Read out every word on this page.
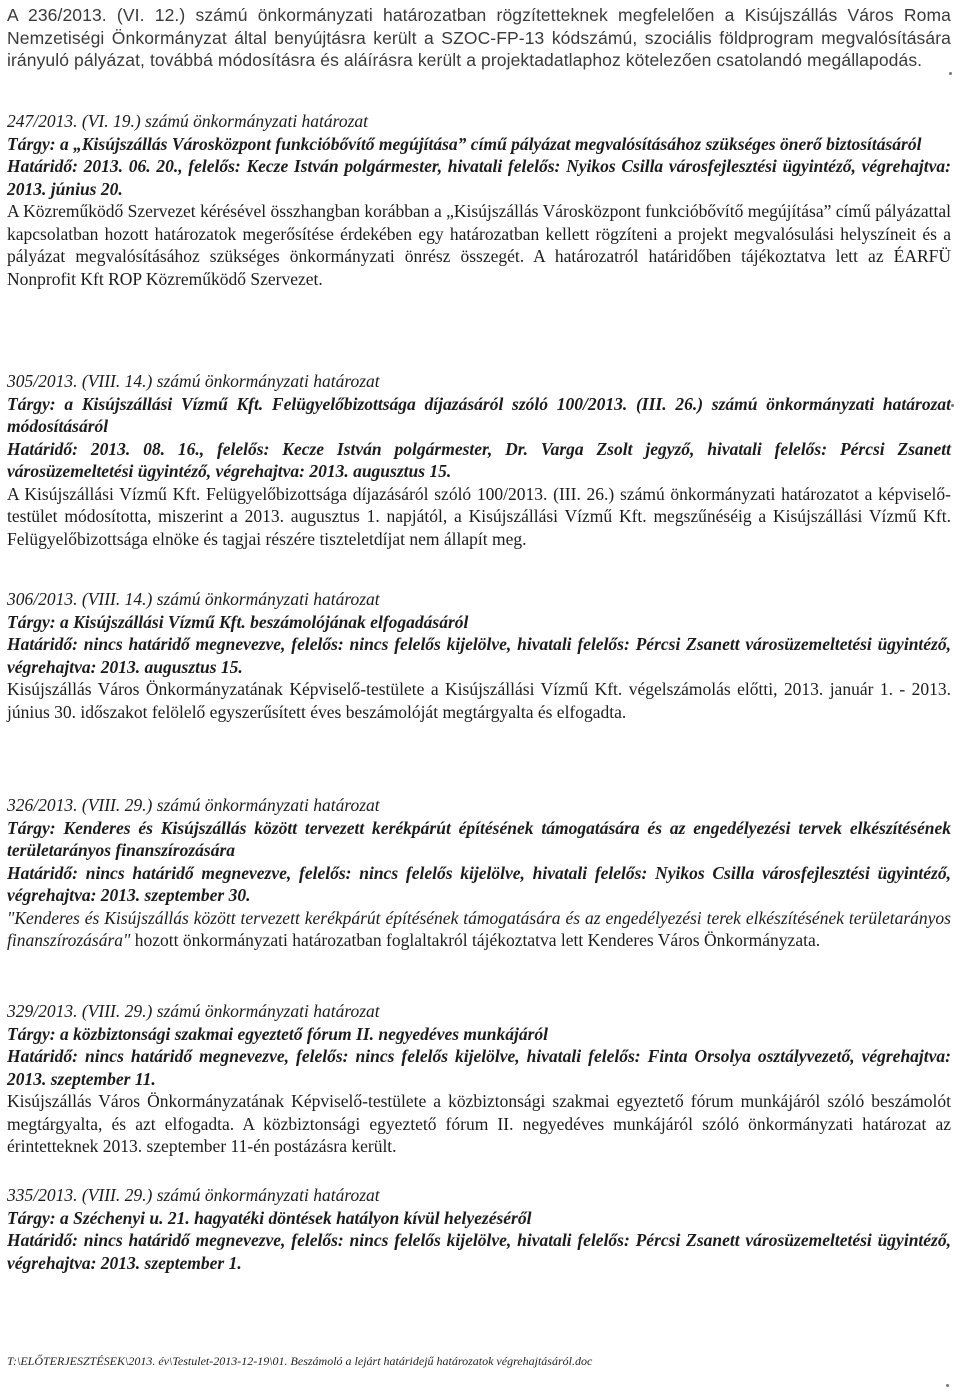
A 236/2013. (VI. 12.) számú önkormányzati határozatban rögzítetteknek megfelelően a Kisújszállás Város Roma Nemzetiségi Önkormányzat által benyújtásra került a SZOC-FP-13 kódszámú, szociális földprogram megvalósítására irányuló pályázat, továbbá módosításra és aláírásra került a projektadatlaphoz kötelezően csatolandó megállapodás.
247/2013. (VI. 19.) számú önkormányzati határozat
Tárgy: a „Kisújszállás Városközpont funkcióbővítő megújítása” című pályázat megvalósításához szükséges önerő biztosításáról
Határidő: 2013. 06. 20., felelős: Kecze István polgármester, hivatali felelős: Nyikos Csilla városfejlesztési ügyintéző, végrehajtva: 2013. június 20.
A Közreműködő Szervezet kérésével összhangban korábban a „Kisújszállás Városközpont funkcióbővítő megújítása” című pályázattal kapcsolatban hozott határozatok megerősítése érdekében egy határozatban kellett rögzíteni a projekt megvalósulási helyszíneit és a pályázat megvalósításához szükséges önkormányzati önrész összegét. A határozatról határidőben tájékoztatva lett az ÉARFÜ Nonprofit Kft ROP Közreműködő Szervezet.
305/2013. (VIII. 14.) számú önkormányzati határozat
Tárgy: a Kisújszállási Vízmű Kft. Felügyelőbizottsága díjazásáról szóló 100/2013. (III. 26.) számú önkormányzati határozat módosításáról
Határidő: 2013. 08. 16., felelős: Kecze István polgármester, Dr. Varga Zsolt jegyző, hivatali felelős: Pércsi Zsanett városüzemeltetési ügyintéző, végrehajtva: 2013. augusztus 15.
A Kisújszállási Vízmű Kft. Felügyelőbizottsága díjazásáról szóló 100/2013. (III. 26.) számú önkormányzati határozatot a képviselő-testület módosította, miszerint a 2013. augusztus 1. napjától, a Kisújszállási Vízmű Kft. megszűnéséig a Kisújszállási Vízmű Kft. Felügyelőbizottsága elnöke és tagjai részére tiszteletdíjat nem állapít meg.
306/2013. (VIII. 14.) számú önkormányzati határozat
Tárgy: a Kisújszállási Vízmű Kft. beszámolójának elfogadásáról
Határidő: nincs határidő megnevezve, felelős: nincs felelős kijelölve, hivatali felelős: Pércsi Zsanett városüzemeltetési ügyintéző, végrehajtva: 2013. augusztus 15.
Kisújszállás Város Önkormányzatának Képviselő-testülete a Kisújszállási Vízmű Kft. végelszámolás előtti, 2013. január 1. - 2013. június 30. időszakot felölelő egyszerűsített éves beszámolóját megtárgyalta és elfogadta.
326/2013. (VIII. 29.) számú önkormányzati határozat
Tárgy: Kenderes és Kisújszállás között tervezett kerékpárút építésének támogatására és az engedélyezési tervek elkészítésének területarányos finanszírozására
Határidő: nincs határidő megnevezve, felelős: nincs felelős kijelölve, hivatali felelős: Nyikos Csilla városfejlesztési ügyintéző, végrehajtva: 2013. szeptember 30.
"Kenderes és Kisújszállás között tervezett kerékpárút építésének támogatására és az engedélyezési terek elkészítésének területarányos finanszírozására" hozott önkormányzati határozatban foglaltakról tájékoztatva lett Kenderes Város Önkormányzata.
329/2013. (VIII. 29.) számú önkormányzati határozat
Tárgy: a közbiztonsági szakmai egyeztető fórum II. negyedéves munkájáról
Határidő: nincs határidő megnevezve, felelős: nincs felelős kijelölve, hivatali felelős: Finta Orsolya osztályvezető, végrehajtva: 2013. szeptember 11.
Kisújszállás Város Önkormányzatának Képviselő-testülete a közbiztonsági szakmai egyeztető fórum munkájáról szóló beszámolót megtárgyalta, és azt elfogadta. A közbiztonsági egyeztető fórum II. negyedéves munkájáról szóló önkormányzati határozat az érintetteknek 2013. szeptember 11-én postázásra került.
335/2013. (VIII. 29.) számú önkormányzati határozat
Tárgy: a Széchenyi u. 21. hagyatéki döntések hatályon kívül helyezéséről
Határidő: nincs határidő megnevezve, felelős: nincs felelős kijelölve, hivatali felelős: Pércsi Zsanett városüzemeltetési ügyintéző, végrehajtva: 2013. szeptember 1.
T:\ELŐTERJESZTÉSEK\2013. év\Testulet-2013-12-19\01. Beszámoló a lejárt határidejű határozatok végrehajtásáról.doc
